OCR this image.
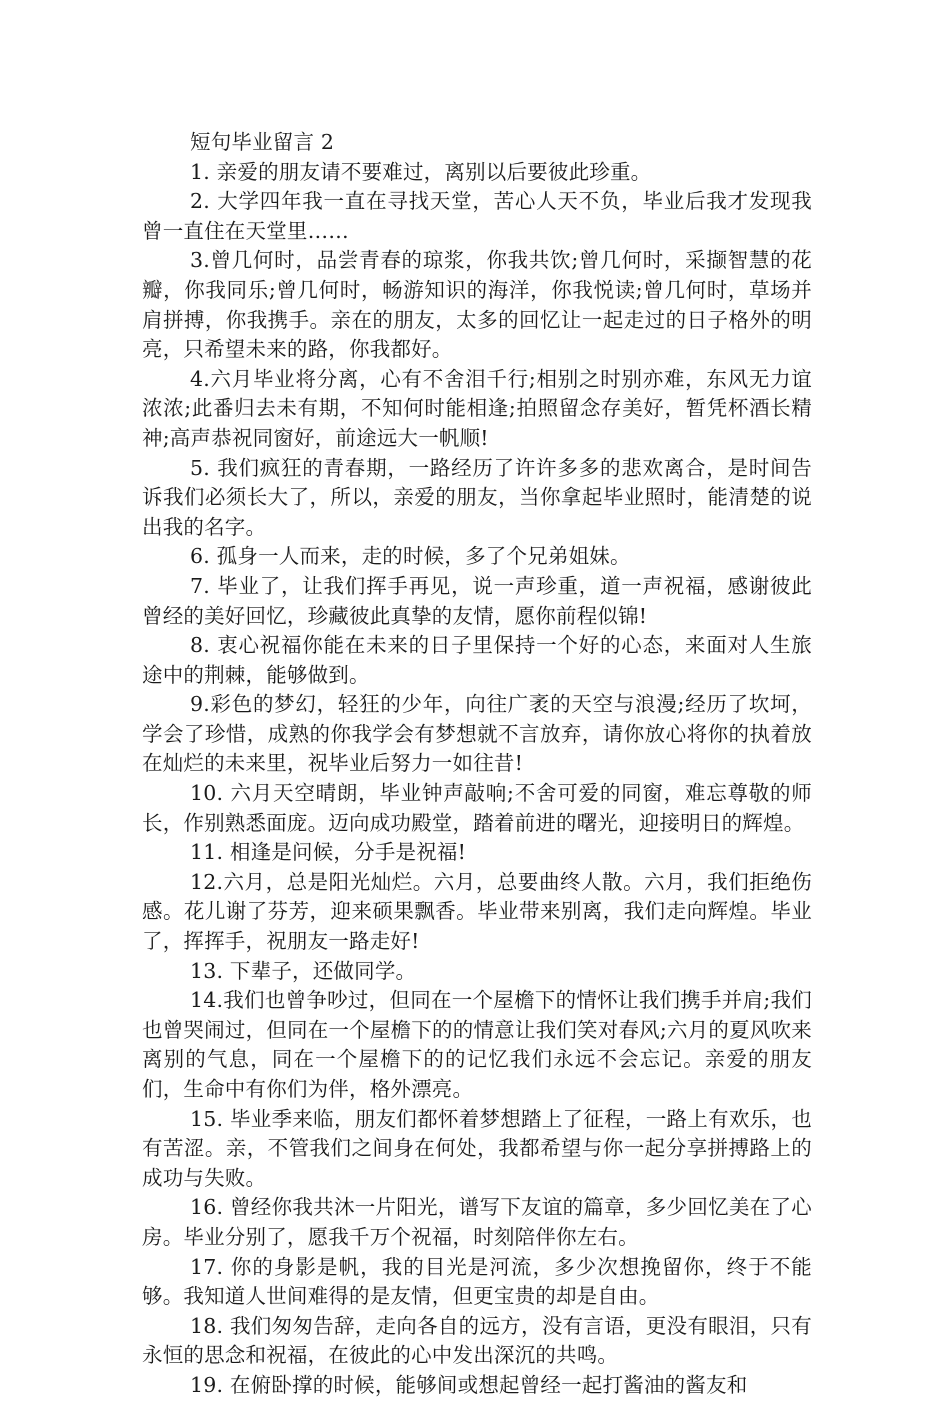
短句毕业留言 2

1. 亲爱的朋友请不要难过，离别以后要彼此珍重。

2. 大学四年我一直在寻找天堂，苦心人天不负，毕业后我才发现我曾一直住在天堂里……

3.曾几何时，品尝青春的琼浆，你我共饮;曾几何时，采撷智慧的花瓣，你我同乐;曾几何时，畅游知识的海洋，你我悦读;曾几何时，草场并肩拼搏，你我携手。亲在的朋友，太多的回忆让一起走过的日子格外的明亮，只希望未来的路，你我都好。

4.六月毕业将分离，心有不舍泪千行;相别之时别亦难，东风无力谊浓浓;此番归去未有期，不知何时能相逢;拍照留念存美好，暂凭杯酒长精神;高声恭祝同窗好，前途远大一帆顺!

5. 我们疯狂的青春期，一路经历了许许多多的悲欢离合，是时间告诉我们必须长大了，所以，亲爱的朋友，当你拿起毕业照时，能清楚的说出我的名字。

6. 孤身一人而来，走的时候，多了个兄弟姐妹。

7. 毕业了，让我们挥手再见，说一声珍重，道一声祝福，感谢彼此曾经的美好回忆，珍藏彼此真挚的友情，愿你前程似锦!

8. 衷心祝福你能在未来的日子里保持一个好的心态，来面对人生旅途中的荆棘，能够做到。

9.彩色的梦幻，轻狂的少年，向往广袤的天空与浪漫;经历了坎坷，学会了珍惜，成熟的你我学会有梦想就不言放弃，请你放心将你的执着放在灿烂的未来里，祝毕业后努力一如往昔!

10. 六月天空晴朗，毕业钟声敲响;不舍可爱的同窗，难忘尊敬的师长，作别熟悉面庞。迈向成功殿堂，踏着前进的曙光，迎接明日的辉煌。

11. 相逢是问候，分手是祝福!

12.六月，总是阳光灿烂。六月，总要曲终人散。六月，我们拒绝伤感。花儿谢了芬芳，迎来硕果飘香。毕业带来别离，我们走向辉煌。毕业了，挥挥手，祝朋友一路走好!

13. 下辈子，还做同学。

14.我们也曾争吵过，但同在一个屋檐下的情怀让我们携手并肩;我们也曾哭闹过，但同在一个屋檐下的的情意让我们笑对春风;六月的夏风吹来离别的气息，同在一个屋檐下的的记忆我们永远不会忘记。亲爱的朋友们，生命中有你们为伴，格外漂亮。

15. 毕业季来临，朋友们都怀着梦想踏上了征程，一路上有欢乐，也有苦涩。亲，不管我们之间身在何处，我都希望与你一起分享拼搏路上的成功与失败。

16. 曾经你我共沐一片阳光，谱写下友谊的篇章，多少回忆美在了心房。毕业分别了，愿我千万个祝福，时刻陪伴你左右。

17. 你的身影是帆，我的目光是河流，多少次想挽留你，终于不能够。我知道人世间难得的是友情，但更宝贵的却是自由。

18. 我们匆匆告辞，走向各自的远方，没有言语，更没有眼泪，只有永恒的思念和祝福，在彼此的心中发出深沉的共鸣。

19. 在俯卧撑的时候，能够间或想起曾经一起打酱油的酱友和
